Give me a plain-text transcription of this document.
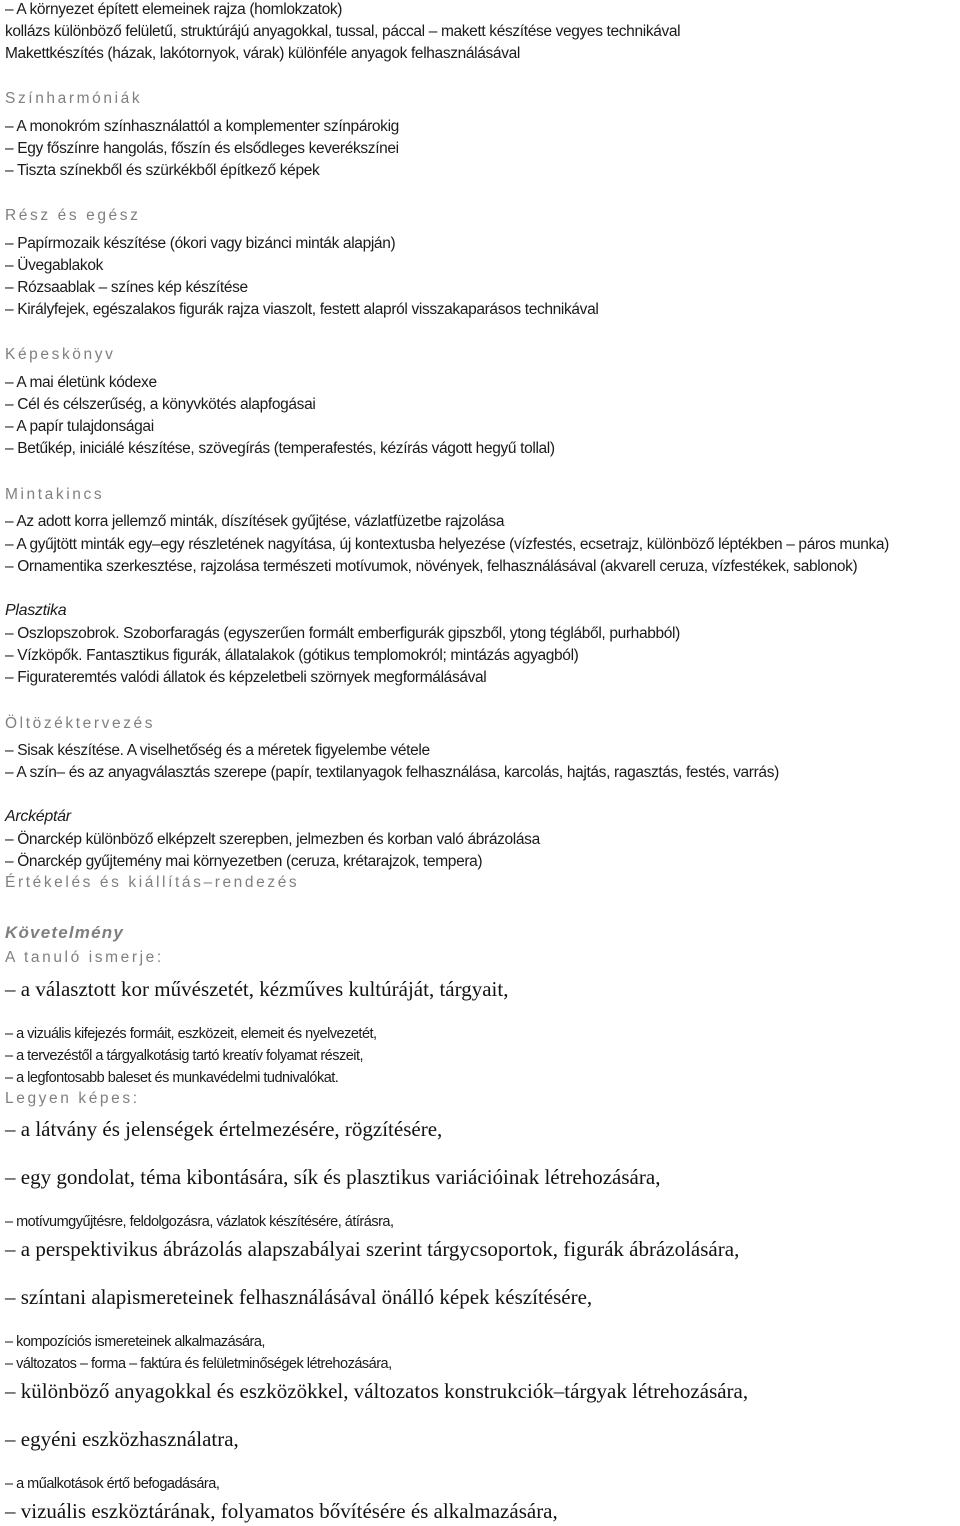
– A környezet épített elemeinek rajza (homlokzatok)
kollázs különböző felületű, struktúrájú anyagokkal, tussal, páccal – makett készítése vegyes technikával
Makettkészítés (házak, lakótornyok, várak) különféle anyagok felhasználásával
Színharmóniák
– A monokróm színhasználattól a komplementer színpárokig
– Egy főszínre hangolás, főszín és elsődleges keverékszínei
– Tiszta színekből és szürkékből építkező képek
Rész és egész
– Papírmozaik készítése (ókori vagy bizánci minták alapján)
– Üvegablakok
– Rózsaablak – színes kép készítése
– Királyfejek, egészalakos figurák rajza viaszolt, festett alapról visszakaparásos technikával
Képeskönyv
– A mai életünk kódexe
– Cél és célszerűség, a könyvkötés alapfogásai
– A papír tulajdonságai
– Betűkép, iniciálé készítése, szövegírás (temperafestés, kézírás vágott hegyű tollal)
Mintakincs
– Az adott korra jellemző minták, díszítések gyűjtése, vázlatfüzetbe rajzolása
– A gyűjtött minták egy–egy részletének nagyítása, új kontextusba helyezése (vízfestés, ecsetrajz, különböző léptékben – páros munka)
– Ornamentika szerkesztése, rajzolása természeti motívumok, növények, felhasználásával (akvarell ceruza, vízfestékek, sablonok)
Plasztika
– Oszlopszobrok. Szoborfaragás (egyszerűen formált emberfigurák gipszből, ytong tégláből, purhabból)
– Vízköpők. Fantasztikus figurák, állatalakok (gótikus templomokról; mintázás agyagból)
– Figurateremtés valódi állatok és képzeletbeli szörnyek megformálásával
Öltözéktervezés
– Sisak készítése. A viselhetőség és a méretek figyelembe vétele
– A szín– és az anyagválasztás szerepe (papír, textilanyagok felhasználása, karcolás, hajtás, ragasztás, festés, varrás)
Arcképtár
– Önarckép különböző elképzelt szerepben, jelmezben és korban való ábrázolása
– Önarckép gyűjtemény mai környezetben (ceruza, krétarajzok, tempera)
Értékelés és kiállítás–rendezés
Követelmény
A tanuló ismerje:
– a választott kor művészetét, kézműves kultúráját, tárgyait,
– a vizuális kifejezés formáit, eszközeit, elemeit és nyelvezetét,
– a tervezéstől a tárgyalkotásig tartó kreatív folyamat részeit,
– a legfontosabb baleset és munkavédelmi tudnivalókat.
Legyen képes:
– a látvány és jelenségek értelmezésére, rögzítésére,
– egy gondolat, téma kibontására, sík és plasztikus variációinak létrehozására,
– motívumgyűjtésre, feldolgozásra, vázlatok készítésére, átírásra,
– a perspektivikus ábrázolás alapszabályai szerint tárgycsoportok, figurák ábrázolására,
– színtani alapismereteinek felhasználásával önálló képek készítésére,
– kompozíciós ismereteinek alkalmazására,
– változatos – forma – faktúra és felületminőségek létrehozására,
– különböző anyagokkal és eszközökkel, változatos konstrukciók–tárgyak létrehozására,
– egyéni eszközhasználatra,
– a műalkotások értő befogadására,
– vizuális eszköztárának, folyamatos bővítésére és alkalmazására,
